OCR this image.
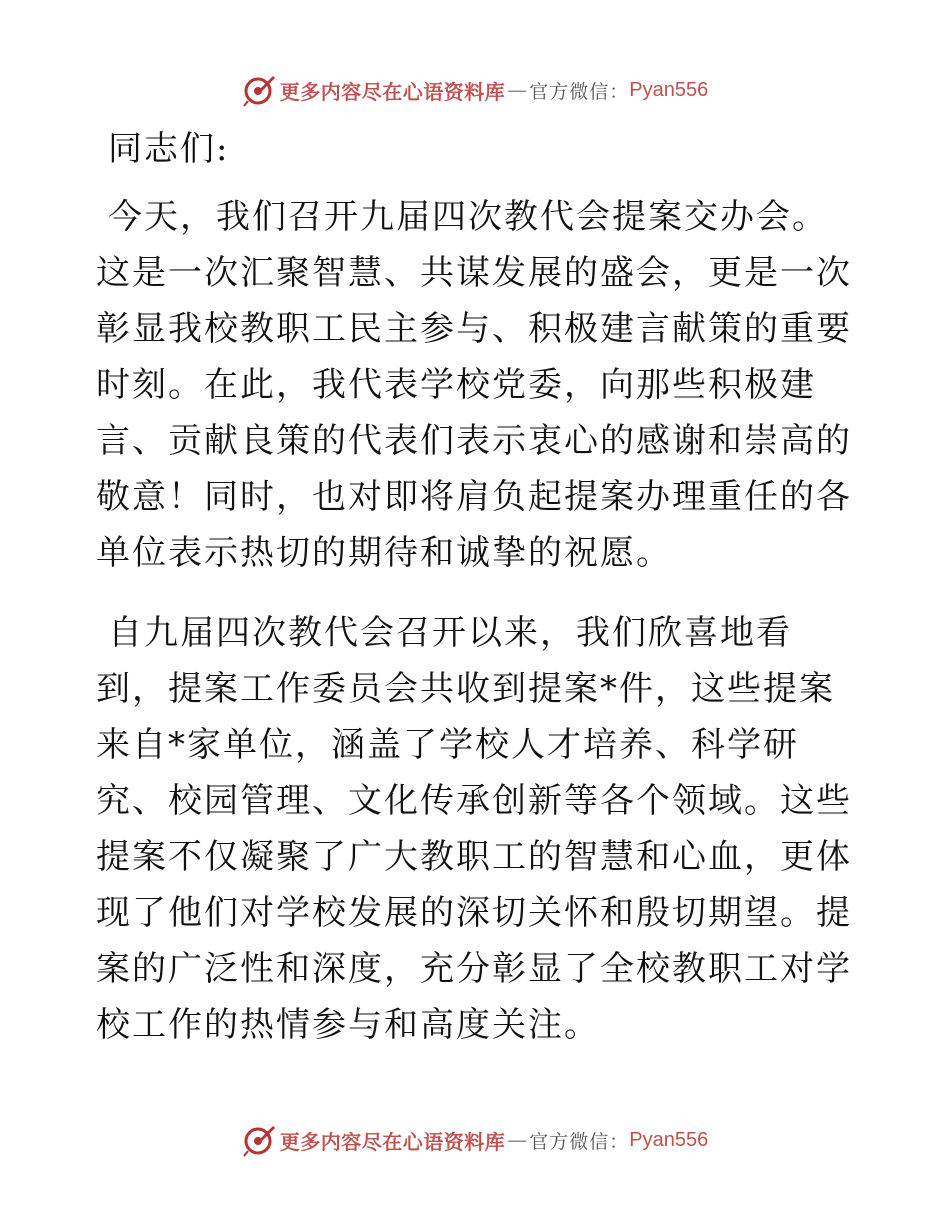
更多内容尽在心语资料库 — 官方微信： Pyan556

同志们:

今天，我们召开九届四次教代会提案交办会。这是一次汇聚智慧、共谋发展的盛会，更是一次彰显我校教职工民主参与、积极建言献策的重要时刻。在此，我代表学校党委，向那些积极建言、贡献良策的代表们表示衷心的感谢和崇高的敬意！同时，也对即将肩负起提案办理重任的各单位表示热切的期待和诚挚的祝愿。

自九届四次教代会召开以来，我们欣喜地看到，提案工作委员会共收到提案*件，这些提案来自*家单位，涵盖了学校人才培养、科学研究、校园管理、文化传承创新等各个领域。这些提案不仅凝聚了广大教职工的智慧和心血，更体现了他们对学校发展的深切关怀和殷切期望。提案的广泛性和深度，充分彰显了全校教职工对学校工作的热情参与和高度关注。

更多内容尽在心语资料库 — 官方微信： Pyan556
